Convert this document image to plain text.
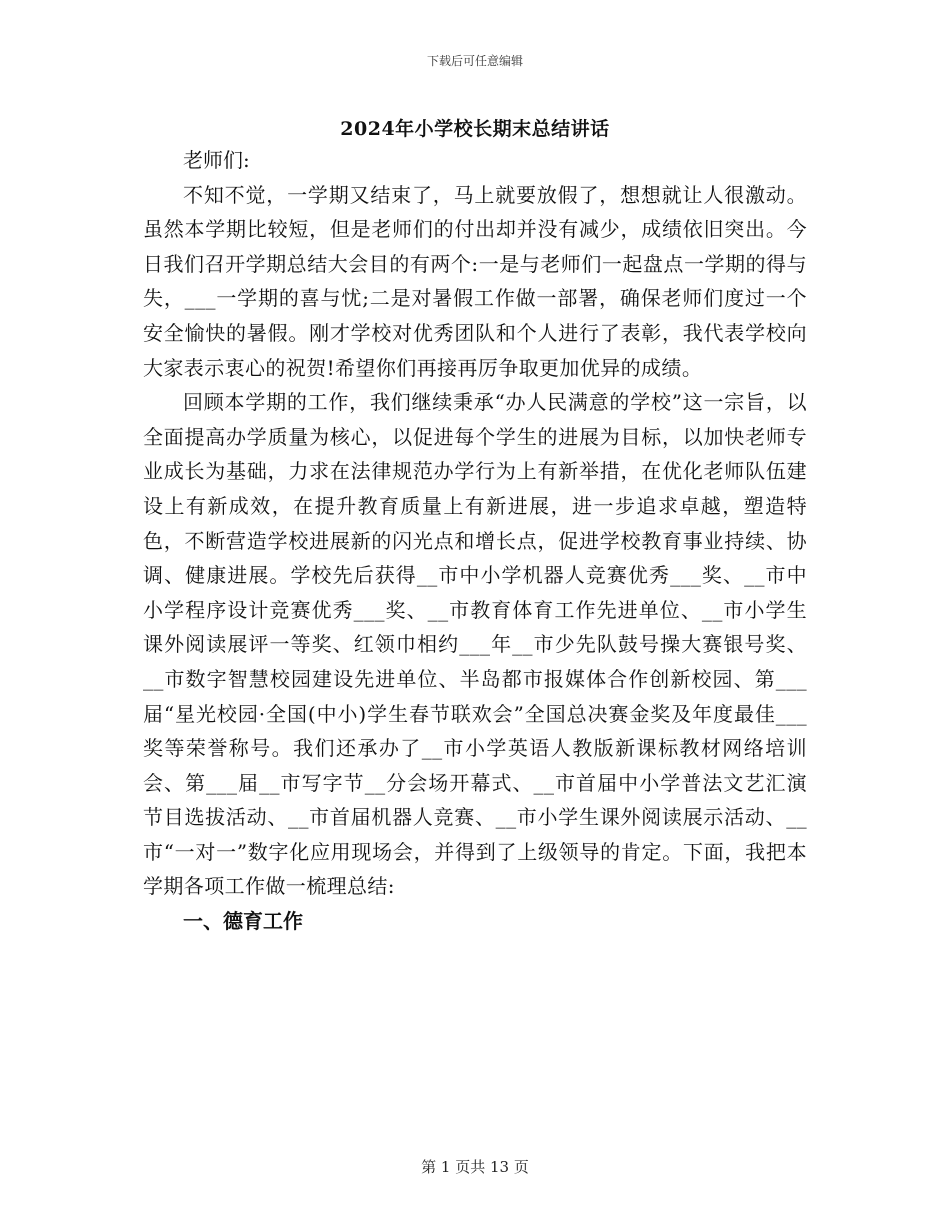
下载后可任意编辑
2024年小学校长期末总结讲话

老师们:

不知不觉，一学期又结束了，马上就要放假了，想想就让人很激动。虽然本学期比较短，但是老师们的付出却并没有减少，成绩依旧突出。今日我们召开学期总结大会目的有两个:一是与老师们一起盘点一学期的得与失，___一学期的喜与忧;二是对暑假工作做一部署，确保老师们度过一个安全愉快的暑假。刚才学校对优秀团队和个人进行了表彰，我代表学校向大家表示衷心的祝贺!希望你们再接再厉争取更加优异的成绩。

回顾本学期的工作，我们继续秉承“办人民满意的学校”这一宗旨，以全面提高办学质量为核心，以促进每个学生的进展为目标，以加快老师专业成长为基础，力求在法律规范办学行为上有新举措，在优化老师队伍建设上有新成效，在提升教育质量上有新进展，进一步追求卓越，塑造特色，不断营造学校进展新的闪光点和增长点，促进学校教育事业持续、协调、健康进展。学校先后获得__市中小学机器人竞赛优秀___奖、__市中小学程序设计竞赛优秀___奖、__市教育体育工作先进单位、__市小学生课外阅读展评一等奖、红领巾相约___年__市少先队鼓号操大赛银号奖、__市数字智慧校园建设先进单位、半岛都市报媒体合作创新校园、第___届“星光校园·全国(中小)学生春节联欢会”全国总决赛金奖及年度最佳___奖等荣誉称号。我们还承办了__市小学英语人教版新课标教材网络培训会、第___届__市写字节__分会场开幕式、__市首届中小学普法文艺汇演节目选拔活动、__市首届机器人竞赛、__市小学生课外阅读展示活动、__市“一对一”数字化应用现场会，并得到了上级领导的肯定。下面，我把本学期各项工作做一梳理总结:

一、德育工作

第 1 页共 13 页
